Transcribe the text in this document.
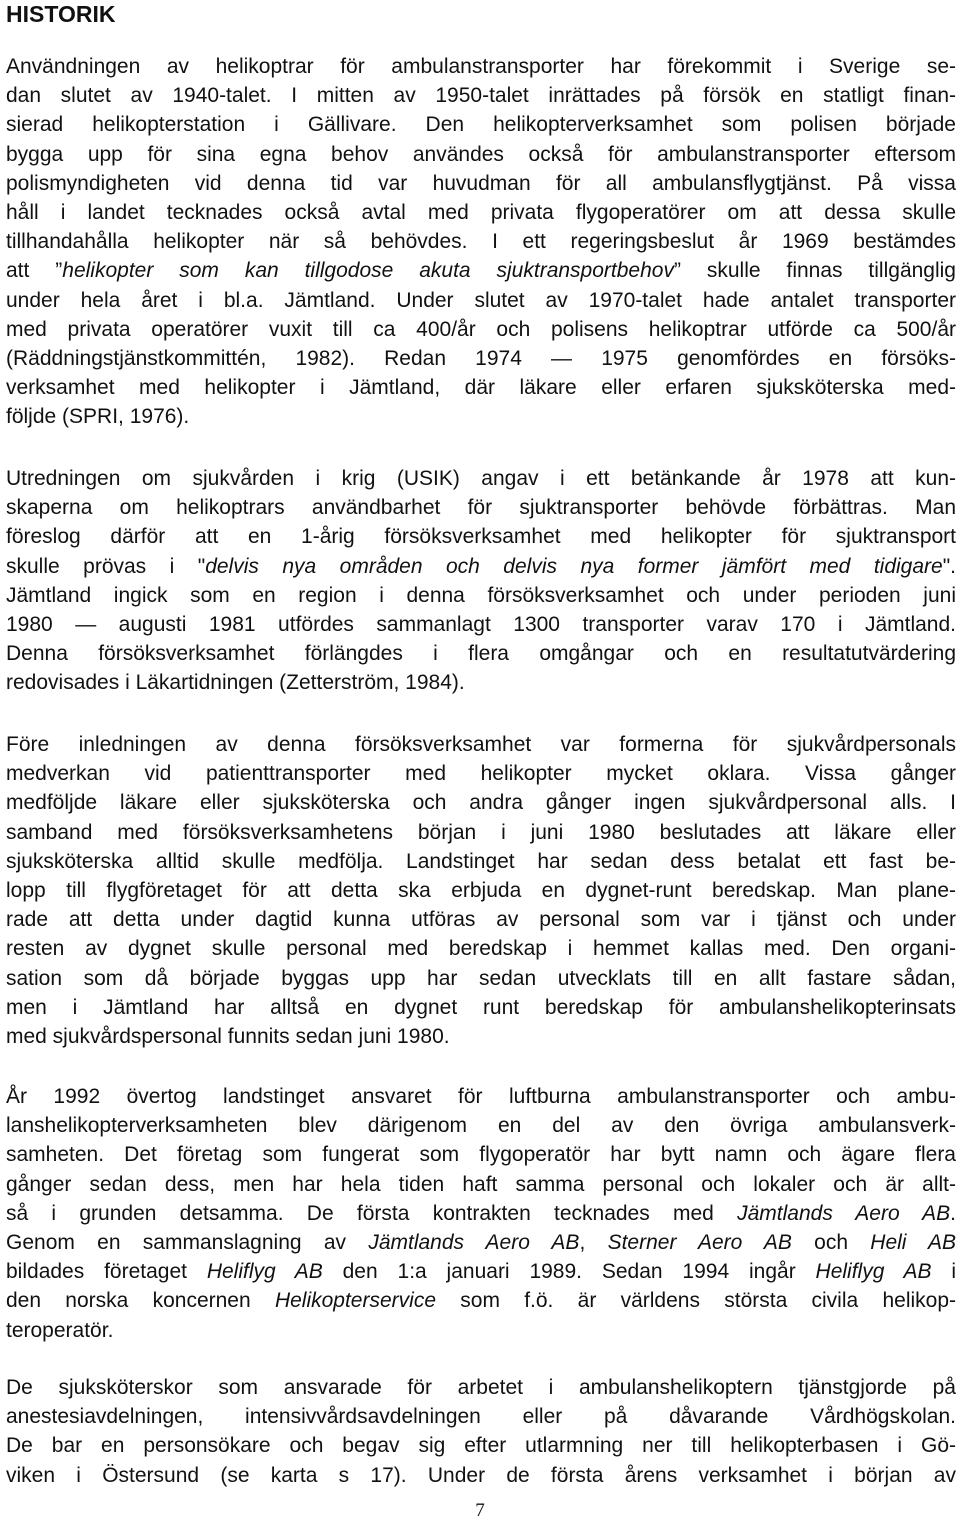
HISTORIK
Användningen av helikoptrar för ambulanstransporter har förekommit i Sverige se-
dan slutet av 1940-talet. I mitten av 1950-talet inrättades på försök en statligt finan-
sierad helikopterstation i Gällivare. Den helikopterverksamhet som polisen började
bygga upp för sina egna behov användes också för ambulanstransporter eftersom
polismyndigheten vid denna tid var huvudman för all ambulansflygtjänst. På vissa
håll i landet tecknades också avtal med privata flygoperatörer om att dessa skulle
tillhandahålla helikopter när så behövdes. I ett regeringsbeslut år 1969 bestämdes
att ”helikopter som kan tillgodose akuta sjuktransportbehov” skulle finnas tillgänglig
under hela året i bl.a. Jämtland. Under slutet av 1970-talet hade antalet transporter
med privata operatörer vuxit till ca 400/år och polisens helikoptrar utförde ca 500/år
(Räddningstjänstkommittén, 1982). Redan 1974 — 1975 genomfördes en försöks-
verksamhet med helikopter i Jämtland, där läkare eller erfaren sjuksköterska med-
följde (SPRI, 1976).
Utredningen om sjukvården i krig (USIK) angav i ett betänkande år 1978 att kun-
skaperna om helikoptrars användbarhet för sjuktransporter behövde förbättras. Man
föreslog därför att en 1-årig försöksverksamhet med helikopter för sjuktransport
skulle prövas i "delvis nya områden och delvis nya former jämfört med tidigare".
Jämtland ingick som en region i denna försöksverksamhet och under perioden juni
1980 — augusti 1981 utfördes sammanlagt 1300 transporter varav 170 i Jämtland.
Denna försöksverksamhet förlängdes i flera omgångar och en resultatutvärdering
redovisades i Läkartidningen (Zetterström, 1984).
Före inledningen av denna försöksverksamhet var formerna för sjukvårdpersonals
medverkan vid patienttransporter med helikopter mycket oklara. Vissa gånger
medföljde läkare eller sjuksköterska och andra gånger ingen sjukvårdpersonal alls. I
samband med försöksverksamhetens början i juni 1980 beslutades att läkare eller
sjuksköterska alltid skulle medfölja. Landstinget har sedan dess betalat ett fast be-
lopp till flygföretaget för att detta ska erbjuda en dygnet-runt beredskap. Man plane-
rade att detta under dagtid kunna utföras av personal som var i tjänst och under
resten av dygnet skulle personal med beredskap i hemmet kallas med. Den organi-
sation som då började byggas upp har sedan utvecklats till en allt fastare sådan,
men i Jämtland har alltså en dygnet runt beredskap för ambulanshelikopterinsats
med sjukvårdspersonal funnits sedan juni 1980.
År 1992 övertog landstinget ansvaret för luftburna ambulanstransporter och ambu-
lanshelikopterverksamheten blev därigenom en del av den övriga ambulansverk-
samheten. Det företag som fungerat som flygoperatör har bytt namn och ägare flera
gånger sedan dess, men har hela tiden haft samma personal och lokaler och är allt-
så i grunden detsamma. De första kontrakten tecknades med Jämtlands Aero AB.
Genom en sammanslagning av Jämtlands Aero AB, Sterner Aero AB och Heli AB
bildades företaget Heliflyg AB den 1:a januari 1989. Sedan 1994 ingår Heliflyg AB i
den norska koncernen Helikopterservice som f.ö. är världens största civila helikop-
teroperatör.
De sjuksköterskor som ansvarade för arbetet i ambulanshelikoptern tjänstgjorde på
anestesiavdelningen, intensivvårdsavdelningen eller på dåvarande Vårdhögskolan.
De bar en personsökare och begav sig efter utlarmning ner till helikopterbasen i Gö-
viken i Östersund (se karta s 17). Under de första årens verksamhet i början av
7
